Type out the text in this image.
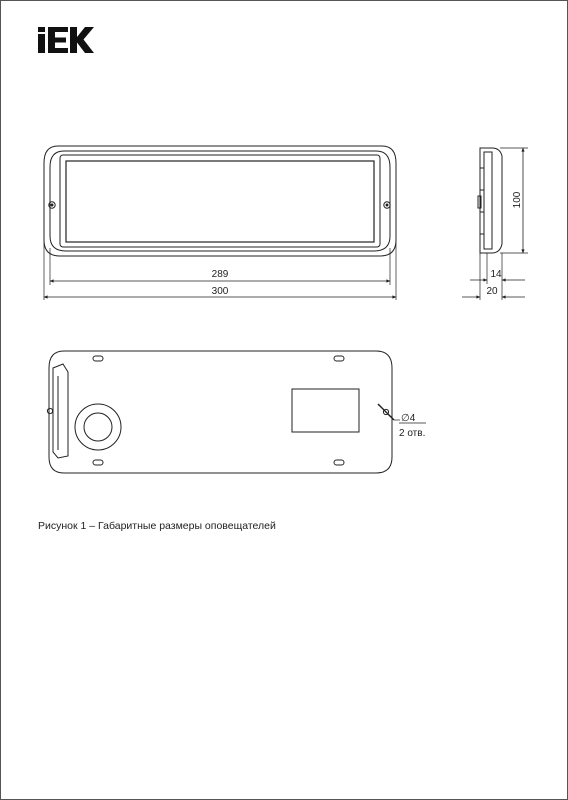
289
300
100
14
20
∅4
2 отв.
Рисунок 1 – Габаритные размеры оповещателей
